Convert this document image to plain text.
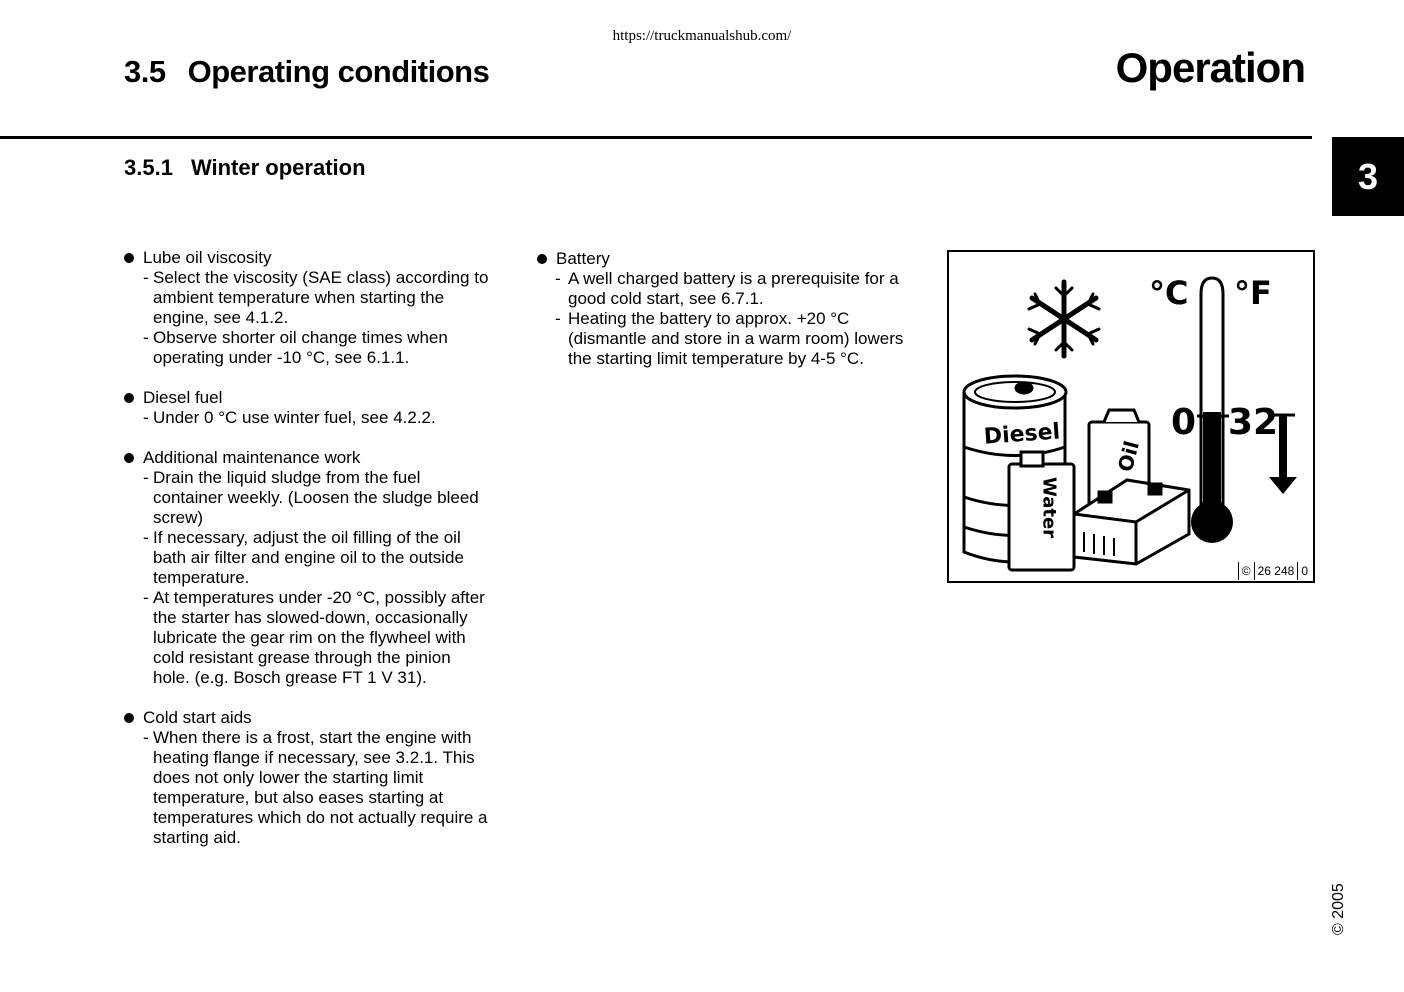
https://truckmanualshub.com/
3.5 Operating conditions	Operation
3
3.5.1 Winter operation
Lube oil viscosity
- Select the viscosity (SAE class) according to ambient temperature when starting the engine, see 4.1.2.
- Observe shorter oil change times when operating under -10 °C, see 6.1.1.
Diesel fuel
- Under 0 °C use winter fuel, see 4.2.2.
Additional maintenance work
- Drain the liquid sludge from the fuel container weekly. (Loosen the sludge bleed screw)
- If necessary, adjust the oil filling of the oil bath air filter and engine oil to the outside temperature.
- At temperatures under -20 °C, possibly after the starter has slowed-down, occasionally lubricate the gear rim on the flywheel with cold resistant grease through the pinion hole. (e.g. Bosch grease FT 1 V 31).
Cold start aids
- When there is a frost, start the engine with heating flange if necessary, see 3.2.1. This does not only lower the starting limit temperature, but also eases starting at temperatures which do not actually require a starting aid.
Battery
- A well charged battery is a prerequisite for a good cold start, see 6.7.1.
- Heating the battery to approx. +20 °C (dismantle and store in a warm room) lowers the starting limit temperature by 4-5 °C.
°C °F
0 32
Diesel
Oil
Water
© 26 248 0
© 2005
